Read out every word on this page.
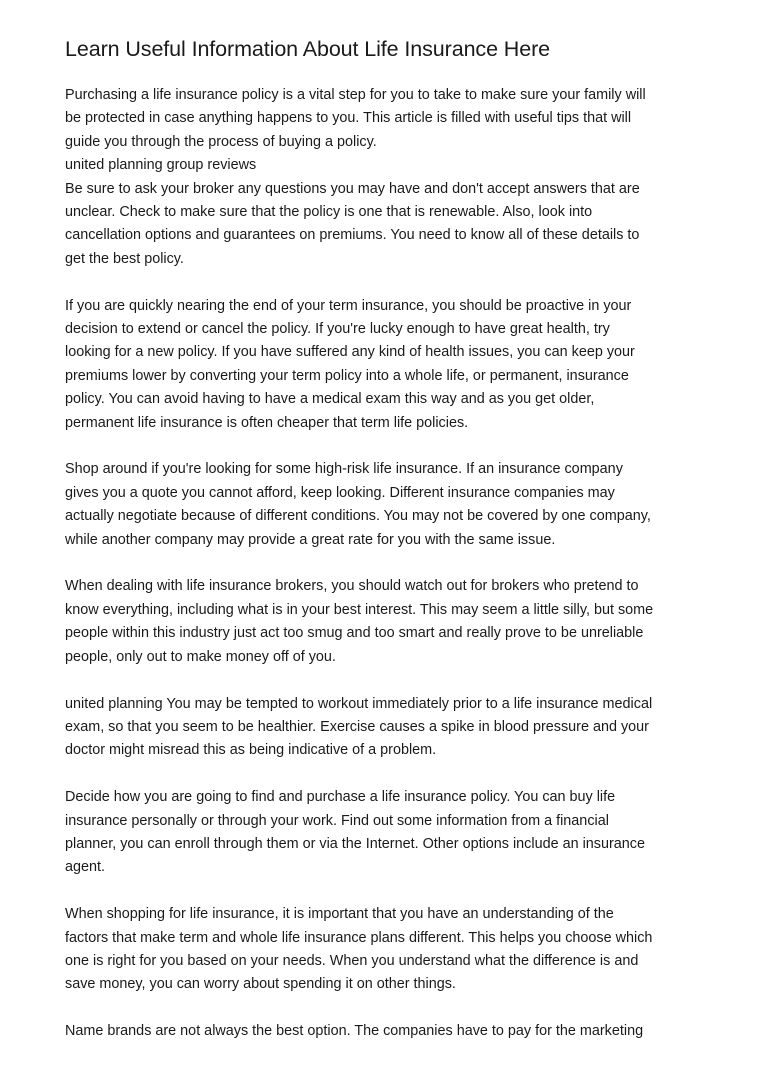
Learn Useful Information About Life Insurance Here

Purchasing a life insurance policy is a vital step for you to take to make sure your family will
be protected in case anything happens to you. This article is filled with useful tips that will
guide you through the process of buying a policy.

united planning group reviews
Be sure to ask your broker any questions you may have and don't accept answers that are
unclear. Check to make sure that the policy is one that is renewable. Also, look into
cancellation options and guarantees on premiums. You need to know all of these details to
get the best policy.

If you are quickly nearing the end of your term insurance, you should be proactive in your
decision to extend or cancel the policy. If you're lucky enough to have great health, try
looking for a new policy. If you have suffered any kind of health issues, you can keep your
premiums lower by converting your term policy into a whole life, or permanent, insurance
policy. You can avoid having to have a medical exam this way and as you get older,
permanent life insurance is often cheaper that term life policies.

Shop around if you're looking for some high-risk life insurance. If an insurance company
gives you a quote you cannot afford, keep looking. Different insurance companies may
actually negotiate because of different conditions. You may not be covered by one company,
while another company may provide a great rate for you with the same issue.

When dealing with life insurance brokers, you should watch out for brokers who pretend to
know everything, including what is in your best interest. This may seem a little silly, but some
people within this industry just act too smug and too smart and really prove to be unreliable
people, only out to make money off of you.

united planning You may be tempted to workout immediately prior to a life insurance medical
exam, so that you seem to be healthier. Exercise causes a spike in blood pressure and your
doctor might misread this as being indicative of a problem.

Decide how you are going to find and purchase a life insurance policy. You can buy life
insurance personally or through your work. Find out some information from a financial
planner, you can enroll through them or via the Internet. Other options include an insurance
agent.

When shopping for life insurance, it is important that you have an understanding of the
factors that make term and whole life insurance plans different. This helps you choose which
one is right for you based on your needs. When you understand what the difference is and
save money, you can worry about spending it on other things.

Name brands are not always the best option. The companies have to pay for the marketing
